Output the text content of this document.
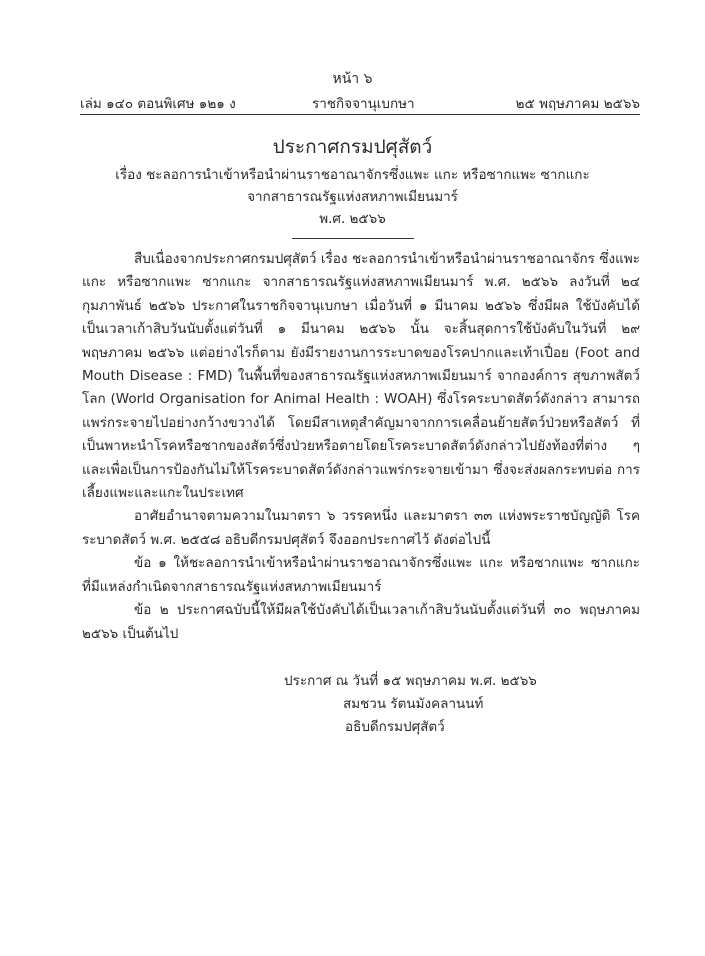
หน้า ๖
เล่ม ๑๔๐ ตอนพิเศษ ๑๒๑ ง	ราชกิจจานุเบกษา	๒๕ พฤษภาคม ๒๕๖๖
ประกาศกรมปศุสัตว์
เรื่อง ชะลอการนำเข้าหรือนำผ่านราชอาณาจักรซึ่งแพะ แกะ หรือซากแพะ ซากแกะ
จากสาธารณรัฐแห่งสหภาพเมียนมาร์
พ.ศ. ๒๕๖๖

สืบเนื่องจากประกาศกรมปศุสัตว์ เรื่อง ชะลอการนำเข้าหรือนำผ่านราชอาณาจักร ซึ่งแพะ แกะ หรือซากแพะ ซากแกะ จากสาธารณรัฐแห่งสหภาพเมียนมาร์ พ.ศ. ๒๕๖๖ ลงวันที่ ๒๔ กุมภาพันธ์ ๒๕๖๖ ประกาศในราชกิจจานุเบกษา เมื่อวันที่ ๑ มีนาคม ๒๕๖๖ ซึ่งมีผล ใช้บังคับได้เป็นเวลาเก้าสิบวันนับตั้งแต่วันที่ ๑ มีนาคม ๒๕๖๖ นั้น จะสิ้นสุดการใช้บังคับในวันที่ ๒๙ พฤษภาคม ๒๕๖๖ แต่อย่างไรก็ตาม ยังมีรายงานการระบาดของโรคปากและเท้าเปื่อย (Foot and Mouth Disease : FMD) ในพื้นที่ของสาธารณรัฐแห่งสหภาพเมียนมาร์ จากองค์การ สุขภาพสัตว์โลก (World Organisation for Animal Health : WOAH) ซึ่งโรคระบาดสัตว์ดังกล่าว สามารถแพร่กระจายไปอย่างกว้างขวางได้ โดยมีสาเหตุสำคัญมาจากการเคลื่อนย้ายสัตว์ป่วยหรือสัตว์ ที่เป็นพาหะนำโรคหรือซากของสัตว์ซึ่งป่วยหรือตายโดยโรคระบาดสัตว์ดังกล่าวไปยังท้องที่ต่าง ๆ และเพื่อเป็นการป้องกันไม่ให้โรคระบาดสัตว์ดังกล่าวแพร่กระจายเข้ามา ซึ่งจะส่งผลกระทบต่อ การเลี้ยงแพะและแกะในประเทศ

อาศัยอำนาจตามความในมาตรา ๖ วรรคหนึ่ง และมาตรา ๓๓ แห่งพระราชบัญญัติ โรคระบาดสัตว์ พ.ศ. ๒๕๕๘ อธิบดีกรมปศุสัตว์ จึงออกประกาศไว้ ดังต่อไปนี้

ข้อ ๑ ให้ชะลอการนำเข้าหรือนำผ่านราชอาณาจักรซึ่งแพะ แกะ หรือซากแพะ ซากแกะ ที่มีแหล่งกำเนิดจากสาธารณรัฐแห่งสหภาพเมียนมาร์

ข้อ ๒ ประกาศฉบับนี้ให้มีผลใช้บังคับได้เป็นเวลาเก้าสิบวันนับตั้งแต่วันที่ ๓๐ พฤษภาคม ๒๕๖๖ เป็นต้นไป

ประกาศ ณ วันที่ ๑๕ พฤษภาคม พ.ศ. ๒๕๖๖
สมชวน รัตนมังคลานนท์
อธิบดีกรมปศุสัตว์
